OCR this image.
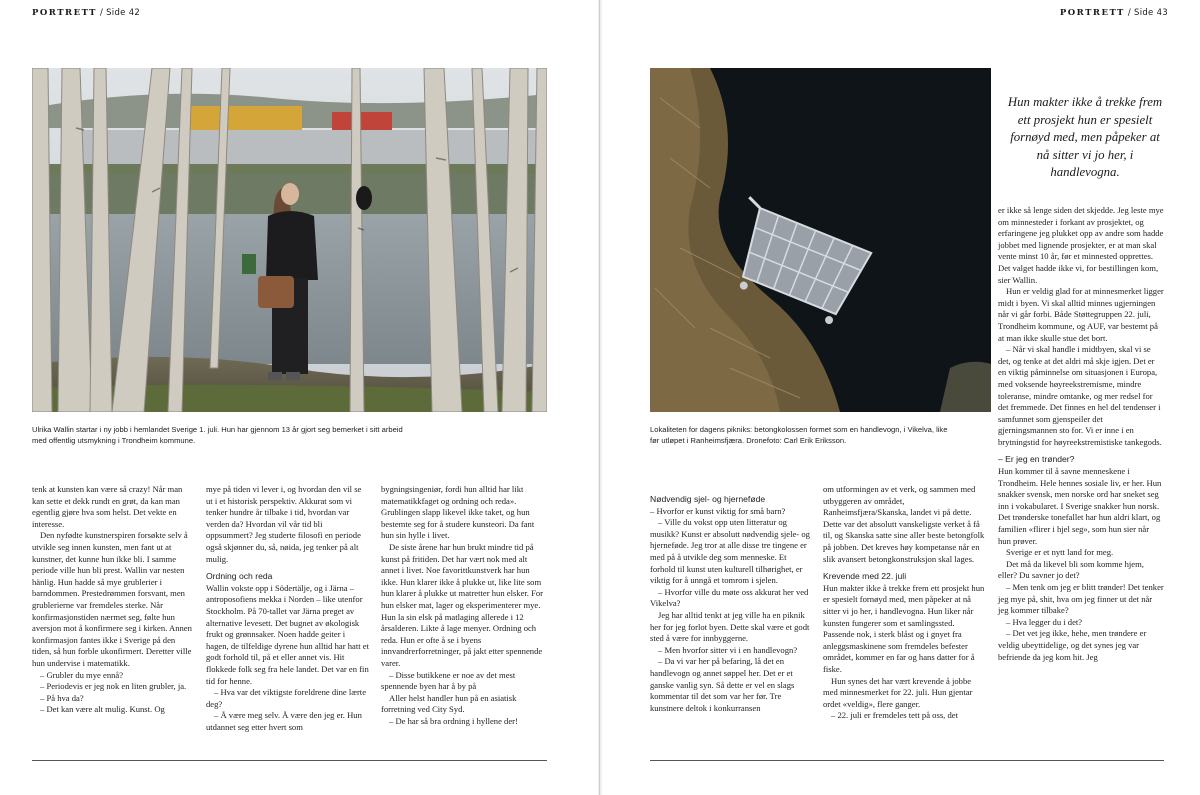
PORTRETT / Side 42	PORTRETT / Side 43
Ulrika Wallin startar i ny jobb i hemlandet Sverige 1. juli. Hun har gjennom 13 år gjort seg bemerket i sitt arbeid med offentlig utsmykning i Trondheim kommune.

tenk at kunsten kan være så crazy! Når man kan sette et dekk rundt en grøt, da kan man egentlig gjøre hva som helst. Det vekte en interesse.

Den nyfødte kunstnerspiren forsøkte selv å utvikle seg innen kunsten, men fant ut at kunstner, det kunne hun ikke bli. I samme periode ville hun bli prest. Wallin var nesten hänlig. Hun hadde så mye grublerier i barndommen. Prestedrømmen forsvant, men grublerierne var fremdeles sterke. Når konfirmasjonstiden nærmet seg, følte hun aversjon mot å konfirmere seg i kirken. Annen konfirmasjon fantes ikke i Sverige på den tiden, så hun forble ukonfirmert. Deretter ville hun undervise i matematikk.

– Grubler du mye ennå?

– Periodevis er jeg nok en liten grubler, ja.

– På hva da?

– Det kan være alt mulig. Kunst. Og

mye på tiden vi lever i, og hvordan den vil se ut i et historisk perspektiv. Akkurat som vi tenker hundre år tilbake i tid, hvordan var verden da? Hvordan vil vår tid bli oppsummert? Jeg studerte filosofi en periode også skjønner du, så, nøida, jeg tenker på alt mulig.

Ordning och reda

Wallin vokste opp i Södertälje, og i Järna – antroposofiens mekka i Norden – like utenfor Stockholm. På 70-tallet var Järna preget av alternative levesett. Det bugnet av økologisk frukt og grønnsaker. Noen hadde geiter i hagen, de tilfeldige dyrene hun alltid har hatt et godt forhold til, på et eller annet vis. Hit flokkede folk seg fra hele landet. Det var en fin tid for henne.

– Hva var det viktigste foreldrene dine lærte deg?

– Å være meg selv. Å være den jeg er. Hun utdannet seg etter hvert som

bygningsingeniør, fordi hun alltid har likt matematikkfaget og ordning och reda». Grublingen slapp likevel ikke taket, og hun bestemte seg for å studere kunsteori. Da fant hun sin hylle i livet.

De siste årene har hun brukt mindre tid på kunst på fritiden. Det har vært nok med alt annet i livet. Noe favorittkunstverk har hun ikke. Hun klarer ikke å plukke ut, like lite som hun klarer å plukke ut matretter hun elsker. For hun elsker mat, lager og eksperimenterer mye. Hun la sin elsk på matlaging allerede i 12 årsalderen. Likte å lage menyer. Ordning och reda. Hun er ofte å se i byens innvandrerforretninger, på jakt etter spennende varer.

– Disse butikkene er noe av det mest spennende byen har å by på

Aller helst handler hun på en asiatisk forretning ved City Syd.

– De har så bra ordning i hyllene der!

Lokaliteten for dagens pikniks: betongkolossen formet som en handlevogn, i Vikelva, like før utløpet i Ranheimsfjæra. Dronefoto: Carl Erik Eriksson.
Hun makter ikke å trekke frem ett prosjekt hun er spesielt fornøyd med, men påpeker at nå sitter vi jo her, i handlevogna.

Nødvendig sjel- og hjerneføde

– Hvorfor er kunst viktig for små barn?

– Ville du vokst opp uten litteratur og musikk? Kunst er absolutt nødvendig sjele- og hjerneføde. Jeg tror at alle disse tre tingene er med på å utvikle deg som menneske. Et forhold til kunst uten kulturell tilhørighet, er viktig for å unngå et tomrom i sjelen.

– Hvorfor ville du møte oss akkurat her ved Vikelva?

Jeg har alltid tenkt at jeg ville ha en piknik her for jeg forlot byen. Dette skal være et godt sted å være for innbyggerne.

– Men hvorfor sitter vi i en handlevogn?

– Da vi var her på befaring, lå det en handlevogn og annet søppel her. Det er et ganske vanlig syn. Så dette er vel en slags kommentar til det som var her før. Tre kunstnere deltok i konkurransen

om utformingen av et verk, og sammen med utbyggeren av området, Ranheimsfjæra/Skanska, landet vi på dette. Dette var det absolutt vanskeligste verket å få til, og Skanska satte sine aller beste betongfolk på jobben. Det kreves høy kompetanse når en slik avansert betongkonstruksjon skal lages.

Krevende med 22. juli

Hun makter ikke å trekke frem ett prosjekt hun er spesielt fornøyd med, men påpeker at nå sitter vi jo her, i handlevogna. Hun liker når kunsten fungerer som et samlingssted. Passende nok, i sterk blåst og i gnyet fra anleggsmaskinene som fremdeles befester området, kommer en far og hans datter for å fiske.

Hun synes det har vært krevende å jobbe med minnesmerket for 22. juli. Hun gjentar ordet «veldig», flere ganger.

– 22. juli er fremdeles tett på oss, det

er ikke så lenge siden det skjedde. Jeg leste mye om minnesteder i forkant av prosjektet, og erfaringene jeg plukket opp av andre som hadde jobbet med lignende prosjekter, er at man skal vente minst 10 år, før et minnested opprettes. Det valget hadde ikke vi, for bestillingen kom, sier Wallin.

Hun er veldig glad for at minnesmerket ligger midt i byen. Vi skal alltid minnes ugjerningen når vi går forbi. Både Støttegruppen 22. juli, Trondheim kommune, og AUF, var bestemt på at man ikke skulle stue det bort.

– Når vi skal handle i midtbyen, skal vi se det, og tenke at det aldri må skje igjen. Det er en viktig påminnelse om situasjonen i Europa, med voksende høyreekstremisme, mindre toleranse, mindre omtanke, og mer redsel for det fremmede. Det finnes en hel del tendenser i samfunnet som gjenspeiler det gjerningsmannen sto for. Vi er inne i en brytningstid for høyreekstremistiske tankegods.

– Er jeg en trønder?

Hun kommer til å savne menneskene i Trondheim. Hele hennes sosiale liv, er her. Hun snakker svensk, men norske ord har sneket seg inn i vokabularet. I Sverige snakker hun norsk. Det trønderske tonefallet har hun aldri klart, og familien «flirer i hjel seg», som hun sier når hun prøver.

Sverige er et nytt land for meg.

Det må da likevel bli som komme hjem, eller? Du savner jo det?

– Men tenk om jeg er blitt trønder! Det tenker jeg mye på, shit, hva om jeg finner ut det når jeg kommer tilbake?

– Hva legger du i det?

– Det vet jeg ikke, hehe, men trøndere er veldig ubeyttidelige, og det synes jeg var befriende da jeg kom hit. Jeg
